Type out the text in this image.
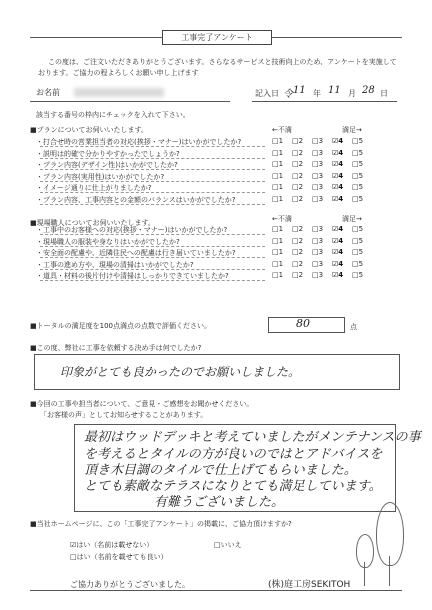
工事完了アンケート
この度は、ご注文いただきありがとうございます。さらなるサービスと技術向上のため、アンケートを実施して
おります。ご協力の程よろしくお願い申し上げます
お名前	記入日 令 11 年 11 月 28 日
該当する番号の枠内にチェックを入れて下さい。
■プランについてお伺いいたします。	←不満	満足→
・打合せ時の営業担当者の対応(挨拶・マナー)はいかがでしたか?	□1 □2 □3 ☑4 □5
・説明は的確で分かりやすかったでしょうか?	□1 □2 □3 ☑4 □5
・プラン内容(デザイン性)はいかがでしたか?	□1 □2 □3 ☑4 □5
・プラン内容(実用性)はいかがでしたか?	□1 □2 □3 ☑4 □5
・イメージ通りに仕上がりましたか?	□1 □2 □3 ☑4 □5
・プラン内容、工事内容との金額のバランスはいかがでしたか?	□1 □2 □3 ☑4 □5
■現場職人についてお伺いいたします。	←不満	満足→
・工事中のお客様への対応(挨拶・マナー)はいかがでしたか?	□1 □2 □3 ☑4 □5
・現場職人の服装や身なりはいかがでしたか?	□1 □2 □3 ☑4 □5
・安全面の配慮や、近隣住民への配慮は行き届いていましたか?	□1 □2 □3 ☑4 □5
・工事の進め方や、現場の清掃はいかがでしたか?	□1 □2 □3 ☑4 □5
・道具・材料の後片付けや清掃はしっかりできていましたか?	□1 □2 □3 ☑4 □5
■トータルの満足度を100点満点の点数で評価ください。	80	点
■この度、弊社に工事を依頼する決め手は何でしたか?
印象がとても良かったのでお願いしました。
■今回の工事や担当者について、ご意見・ご感想をお聞かせください。
「お客様の声」としてお知らせすることがあります。
最初はウッドデッキと考えていましたがメンテナンスの事
を考えるとタイルの方が良いのではとアドバイスを
頂き木目調のタイルで仕上げてもらいました。
とても素敵なテラスになりとても満足しています。
有難うございました。
■当社ホームページに、この「工事完了アンケート」の掲載に、ご協力頂けますか?
☑はい（名前は載せない）	□いいえ
□はい（名前を載せても良い）
ご協力ありがとうございました。	(株)庭工房SEKITOH
